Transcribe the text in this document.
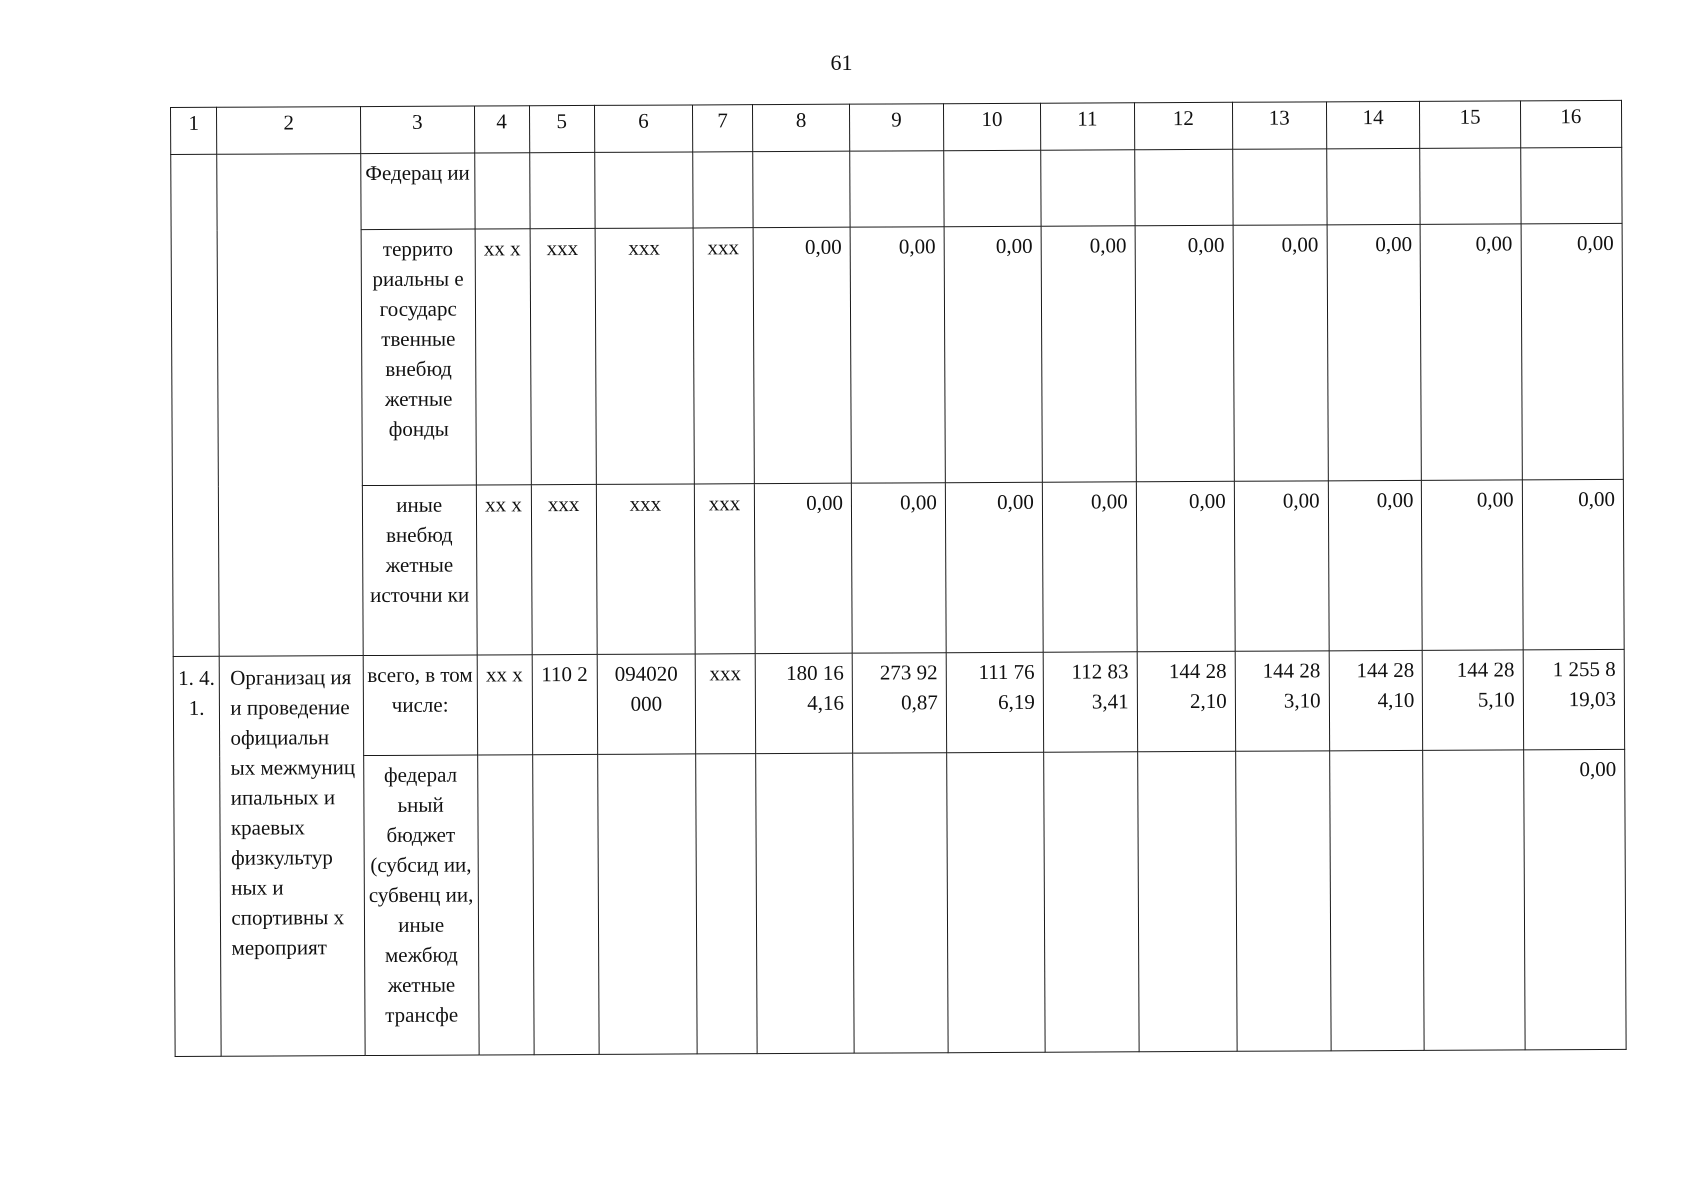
61
1	2	3	4	5	6	7	8	9	10	11	12	13	14	15	16
		Федерац ии													
		террито риальны е государс твенные внебюд жетные фонды	хх х	ххх	ххх	ххх	0,00	0,00	0,00	0,00	0,00	0,00	0,00	0,00	0,00
		иные внебюд жетные источни ки	хх х	ххх	ххх	ххх	0,00	0,00	0,00	0,00	0,00	0,00	0,00	0,00	0,00
1. 4. 1.	Организац ия и проведение официальн ых межмуниц ипальных и краевых физкультур ных и спортивны х мероприят	всего, в том числе:	хх х	110 2	094020 000	ххх	180 16 4,16	273 92 0,87	111 76 6,19	112 83 3,41	144 28 2,10	144 28 3,10	144 28 4,10	144 28 5,10	1 255 8 19,03
		федерал ьный бюджет (субсид ии, субвенц ии, иные межбюд жетные трансфе													0,00
